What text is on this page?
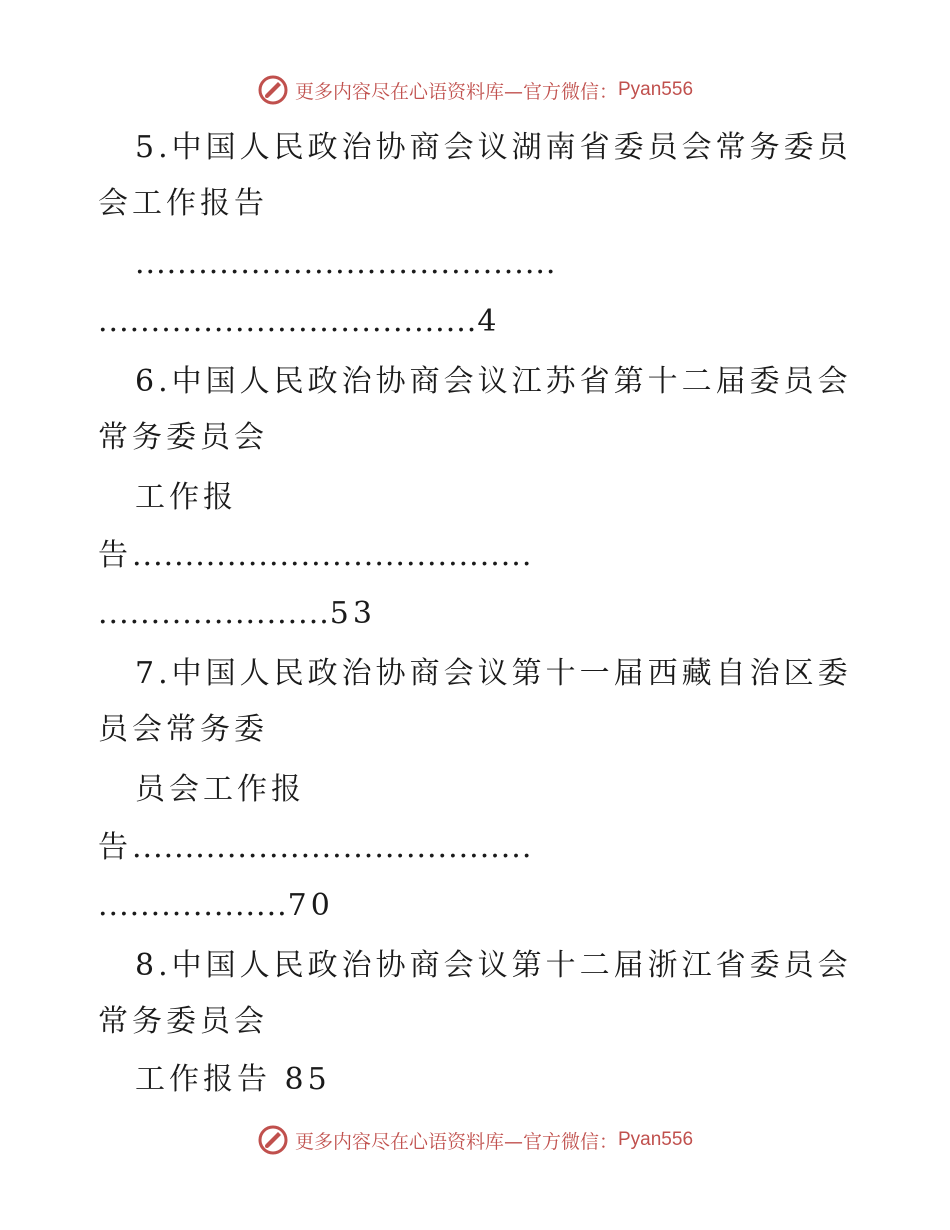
更多内容尽在心语资料库—官方微信： Pyan556
5.中国人民政治协商会议湖南省委员会常务委员
会工作报告
........................................
....................................4
6.中国人民政治协商会议江苏省第十二届委员会
常务委员会
工作报
告......................................
......................53
7.中国人民政治协商会议第十一届西藏自治区委
员会常务委
员会工作报
告......................................
..................70
8.中国人民政治协商会议第十二届浙江省委员会
常务委员会
工作报告 85
更多内容尽在心语资料库—官方微信： Pyan556
